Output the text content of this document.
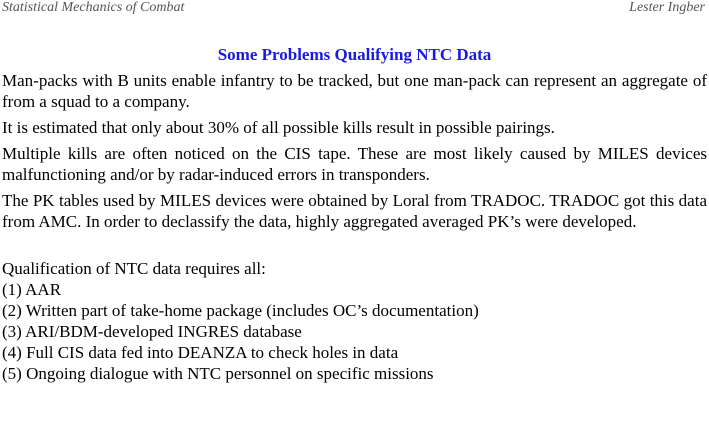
Statistical Mechanics of Combat	Lester Ingber
Some Problems Qualifying NTC Data

Man-packs with B units enable infantry to be tracked, but one man-pack can represent an aggregate of from a squad to a company.

It is estimated that only about 30% of all possible kills result in possible pairings.

Multiple kills are often noticed on the CIS tape. These are most likely caused by MILES devices malfunctioning and/or by radar-induced errors in transponders.

The PK tables used by MILES devices were obtained by Loral from TRADOC. TRADOC got this data from AMC. In order to declassify the data, highly aggregated averaged PK’s were developed.

Qualification of NTC data requires all:
(1) AAR
(2) Written part of take-home package (includes OC’s documentation)
(3) ARI/BDM-developed INGRES database
(4) Full CIS data fed into DEANZA to check holes in data
(5) Ongoing dialogue with NTC personnel on specific missions
